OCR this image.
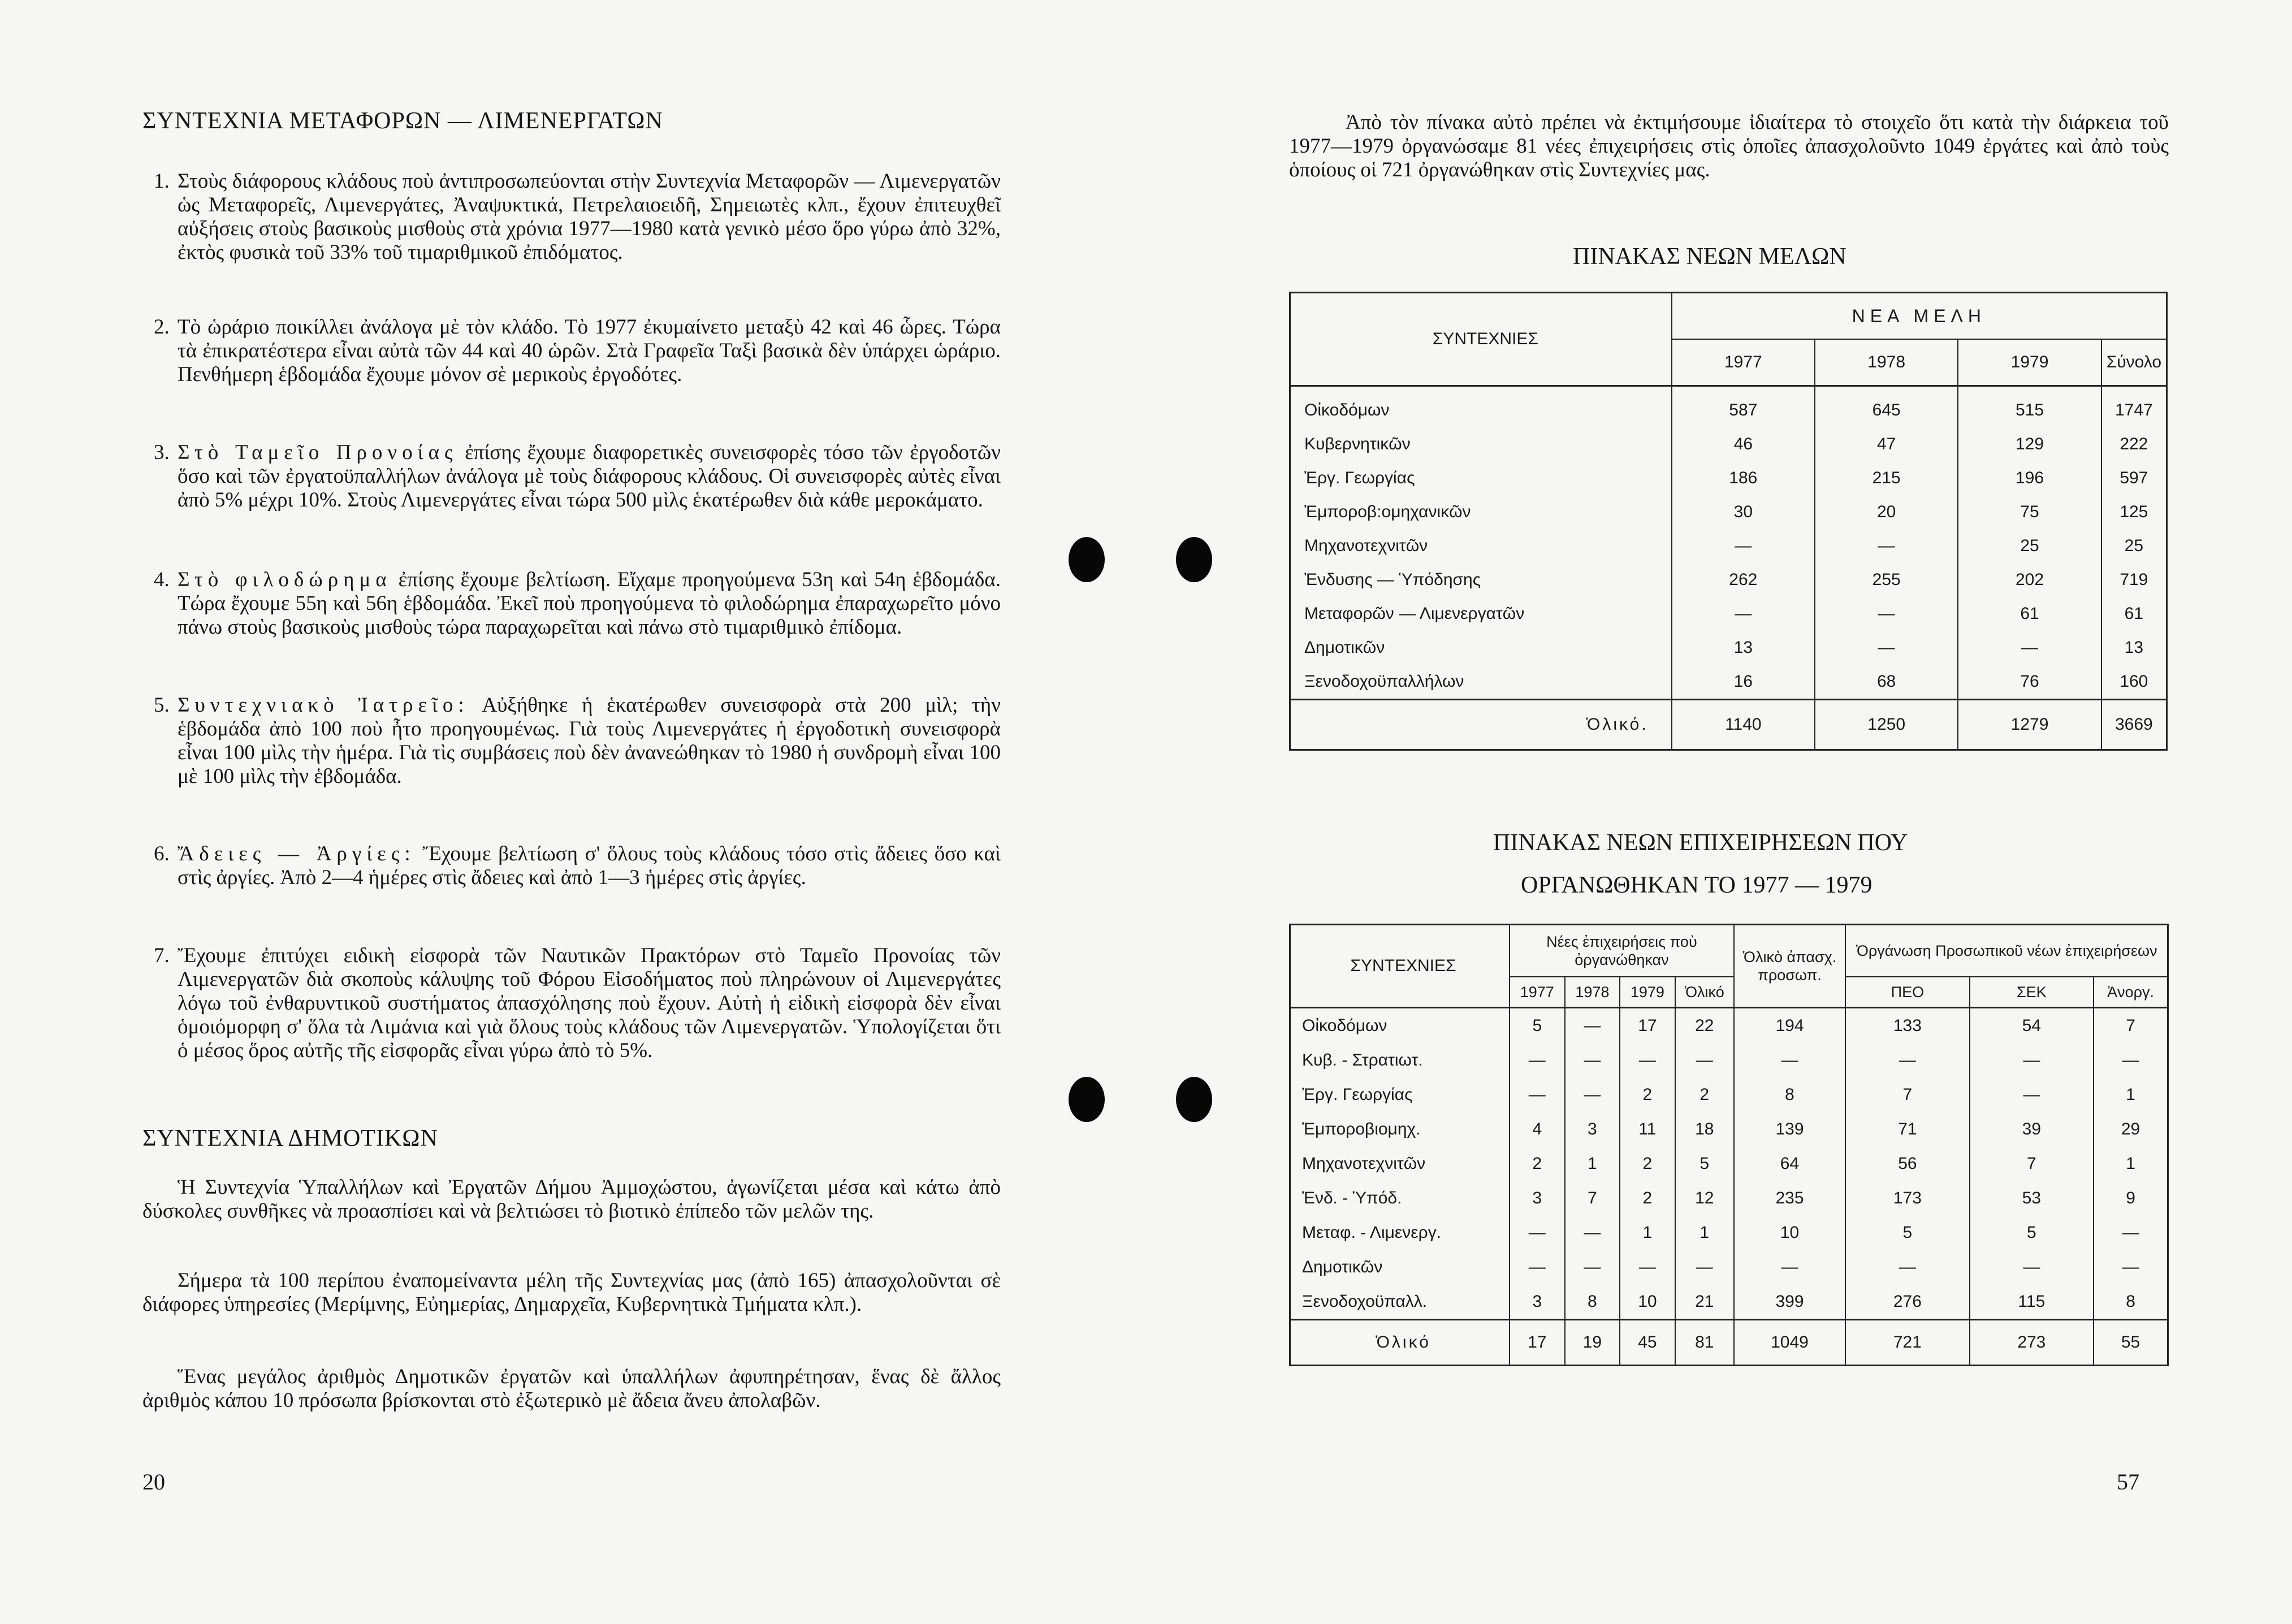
ΣΥΝΤΕΧΝΙΑ ΜΕΤΑΦΟΡΩΝ — ΛΙΜΕΝΕΡΓΑΤΩΝ

1. Στοὺς διάφορους κλάδους ποὺ ἀντιπροσωπεύονται στὴν Συντεχνία Μεταφορῶν — Λιμενεργατῶν ὡς Μεταφορεῖς, Λιμενεργάτες, Ἀναψυκτικά, Πετρελαιοειδῆ, Σημειωτὲς κλπ., ἔχουν ἐπιτευχθεῖ αὐξήσεις στοὺς βασικοὺς μισθοὺς στὰ χρόνια 1977—1980 κατὰ γενικὸ μέσο ὅρο γύρω ἀπὸ 32%, ἐκτὸς φυσικὰ τοῦ 33% τοῦ τιμαριθμικοῦ ἐπιδόματος.

2. Τὸ ὡράριο ποικίλλει ἀνάλογα μὲ τὸν κλάδο. Τὸ 1977 ἐκυμαίνετο μεταξὺ 42 καὶ 46 ὧρες. Τώρα τὰ ἐπικρατέστερα εἶναι αὐτὰ τῶν 44 καὶ 40 ὡρῶν. Στὰ Γραφεῖα Ταξὶ βασικὰ δὲν ὑπάρχει ὡράριο. Πενθήμερη ἑβδομάδα ἔχουμε μόνον σὲ μερικοὺς ἐργοδότες.

3. Στὸ Ταμεῖο Προνοίας ἐπίσης ἔχουμε διαφορετικὲς συνεισφορὲς τόσο τῶν ἐργοδοτῶν ὅσο καὶ τῶν ἐργατοϋπαλλήλων ἀνάλογα μὲ τοὺς διάφορους κλάδους. Οἱ συνεισφορὲς αὐτὲς εἶναι ἀπὸ 5% μέχρι 10%. Στοὺς Λιμενεργάτες εἶναι τώρα 500 μὶλς ἑκατέρωθεν διὰ κάθε μεροκάματο.

4. Στὸ φιλοδώρημα ἐπίσης ἔχουμε βελτίωση. Εἴχαμε προηγούμενα 53η καὶ 54η ἑβδομάδα. Τώρα ἔχουμε 55η καὶ 56η ἑβδομάδα. Ἐκεῖ ποὺ προηγούμενα τὸ φιλοδώρημα ἐπαραχωρεῖτο μόνο πάνω στοὺς βασικοὺς μισθοὺς τώρα παραχωρεῖται καὶ πάνω στὸ τιμαριθμικὸ ἐπίδομα.

5. Συντεχνιακὸ Ἰατρεῖο: Αὐξήθηκε ἡ ἑκατέρωθεν συνεισφορὰ στὰ 200 μὶλ; τὴν ἑβδομάδα ἀπὸ 100 ποὺ ἦτο προηγουμένως. Γιὰ τοὺς Λιμενεργάτες ἡ ἐργοδοτικὴ συνεισφορὰ εἶναι 100 μὶλς τὴν ἡμέρα. Γιὰ τὶς συμβάσεις ποὺ δὲν ἀνανεώθηκαν τὸ 1980 ἡ συνδρομὴ εἶναι 100 μὲ 100 μὶλς τὴν ἑβδομάδα.

6. Ἄδειες — Ἀργίες: Ἔχουμε βελτίωση σ' ὅλους τοὺς κλάδους τόσο στὶς ἄδειες ὅσο καὶ στὶς ἀργίες. Ἀπὸ 2—4 ἡμέρες στὶς ἄδειες καὶ ἀπὸ 1—3 ἡμέρες στὶς ἀργίες.

7. Ἔχουμε ἐπιτύχει ειδικὴ εἰσφορὰ τῶν Ναυτικῶν Πρακτόρων στὸ Ταμεῖο Προνοίας τῶν Λιμενεργατῶν διὰ σκοποὺς κάλυψης τοῦ Φόρου Εἰσοδήματος ποὺ πληρώνουν οἱ Λιμενεργάτες λόγω τοῦ ἐνθαρυντικοῦ συστήματος ἀπασχόλησης ποὺ ἔχουν. Αὐτὴ ἡ εἰδικὴ εἰσφορὰ δὲν εἶναι ὁμοιόμορφη σ' ὅλα τὰ Λιμάνια καὶ γιὰ ὅλους τοὺς κλάδους τῶν Λιμενεργατῶν. Ὑπολογίζεται ὅτι ὁ μέσος ὅρος αὐτῆς τῆς εἰσφορᾶς εἶναι γύρω ἀπὸ τὸ 5%.

ΣΥΝΤΕΧΝΙΑ ΔΗΜΟΤΙΚΩΝ

Ἡ Συντεχνία Ὑπαλλήλων καὶ Ἐργατῶν Δήμου Ἀμμοχώστου, ἀγωνίζεται μέσα καὶ κάτω ἀπὸ δύσκολες συνθῆκες νὰ προασπίσει καὶ νὰ βελτιώσει τὸ βιοτικὸ ἐπίπεδο τῶν μελῶν της.

Σήμερα τὰ 100 περίπου ἐναπομείναντα μέλη τῆς Συντεχνίας μας (ἀπὸ 165) ἀπασχολοῦνται σὲ διάφορες ὑπηρεσίες (Μερίμνης, Εὐημερίας, Δημαρχεῖα, Κυβερνητικὰ Τμήματα κλπ.).

Ἕνας μεγάλος ἀριθμὸς Δημοτικῶν ἐργατῶν καὶ ὑπαλλήλων ἀφυπηρέτησαν, ἕνας δὲ ἄλλος ἀριθμὸς κάπου 10 πρόσωπα βρίσκονται στὸ ἐξωτερικὸ μὲ ἄδεια ἄνευ ἀπολαβῶν.

20

Ἀπὸ τὸν πίνακα αὐτὸ πρέπει νὰ ἐκτιμήσουμε ἰδιαίτερα τὸ στοιχεῖο ὅτι κατὰ τὴν διάρκεια τοῦ 1977—1979 ὀργανώσαμε 81 νέες ἐπιχειρήσεις στὶς ὁποῖες ἀπασχολοῦνto 1049 ἐργάτες καὶ ἀπὸ τοὺς ὁποίους οἱ 721 ὀργανώθηκαν στὶς Συντεχνίες μας.

ΠΙΝΑΚΑΣ ΝΕΩΝ ΜΕΛΩΝ
ΣΥΝΤΕΧΝΙΕΣ	ΝΕΑ ΜΕΛΗ			
	1977	1978	1979	Σύνολο
Οἰκοδόμων	587	645	515	1747
Κυβερνητικῶν	46	47	129	222
Ἐργ. Γεωργίας	186	215	196	597
Ἐμποροβ:ομηχανικῶν	30	20	75	125
Μηχανοτεχνιτῶν	—	—	25	25
Ἐνδυσης — Ὑπόδησης	262	255	202	719
Μεταφορῶν — Λιμενεργατῶν	—	—	61	61
Δημοτικῶν	13	—	—	13
Ξενοδοχοϋπαλλήλων	16	68	76	160
Ὁλικό.	1140	1250	1279	3669
ΠΙΝΑΚΑΣ ΝΕΩΝ ΕΠΙΧΕΙΡΗΣΕΩΝ ΠΟΥ
ΟΡΓΑΝΩΘΗΚΑΝ ΤΟ 1977 — 1979
ΣΥΝΤΕΧΝΙΕΣ	Νέες ἐπιχειρήσεις ποὺ ὀργανώθηκαν				Ὁλικὸ ἀπασχ. προσωπ.	Ὀργάνωση Προσωπικοῦ νέων ἐπιχειρήσεων		
	1977	1978	1979	Ὁλικό		ΠΕΟ	ΣΕΚ	Ἀνοργ.
Οἰκοδόμων	5	—	17	22	194	133	54	7
Κυβ. - Στρατιωτ.	—	—	—	—	—	—	—	—
Ἐργ. Γεωργίας	—	—	2	2	8	7	—	1
Ἐμποροβιομηχ.	4	3	11	18	139	71	39	29
Μηχανοτεχνιτῶν	2	1	2	5	64	56	7	1
Ἐνδ. - Ὑπόδ.	3	7	2	12	235	173	53	9
Μεταφ. - Λιμενεργ.	—	—	1	1	10	5	5	—
Δημοτικῶν	—	—	—	—	—	—	—	—
Ξενοδοχοϋπαλλ.	3	8	10	21	399	276	115	8
Ὁλικό	17	19	45	81	1049	721	273	55
57
